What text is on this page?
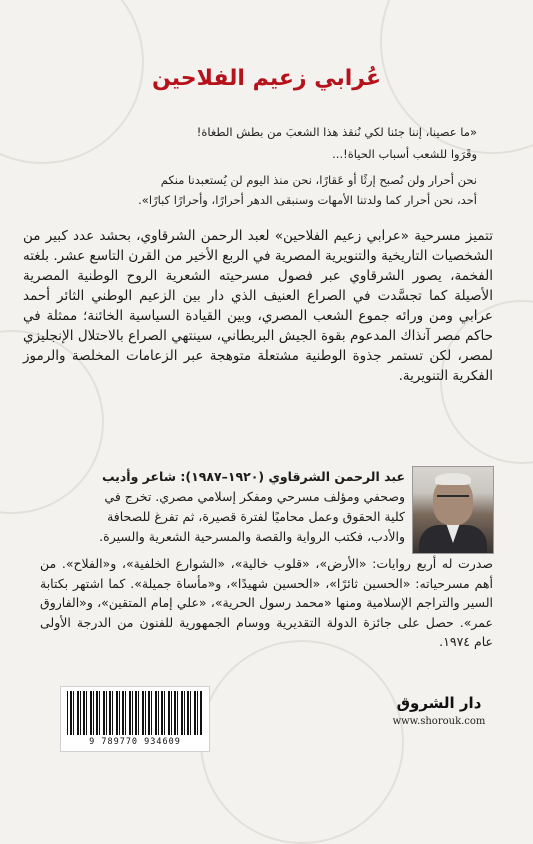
عُرابي زعيم الفلاحين
«ما عصينا، إننا جئنا لكي نُنقذ هذا الشعبَ من بطش الطغاة!
وقَرَوا للشعب أسباب الحياة!...
نحن أحرار ولن نُصبح إرثًا أو عَقارًا، نحن منذ اليوم لن يُستعبدنا منكم
أحد، نحن أحرار كما ولدتنا الأمهات وسنبقى الدهر أحرارًا، وأحرارًا كبارًا».
تتميز مسرحية «عرابي زعيم الفلاحين» لعبد الرحمن الشرقاوي، بحشد عدد كبير من الشخصيات التاريخية والتنويرية المصرية في الربع الأخير من القرن التاسع عشر. بلغته الفخمة، يصور الشرقاوي عبر فصول مسرحيته الشعرية الروح الوطنية المصرية الأصيلة كما تجسَّدت في الصراع العنيف الذي دار بين الزعيم الوطني الثائر أحمد عرابي ومن ورائه جموع الشعب المصري، وبين القيادة السياسية الخائنة؛ ممثلة في حاكم مصر آنذاك المدعوم بقوة الجيش البريطاني، سينتهي الصراع بالاحتلال الإنجليزي لمصر، لكن تستمر جذوة الوطنية مشتعلة متوهجة عبر الزعامات المخلصة والرموز الفكرية التنويرية.
عبد الرحمن الشرقاوي (١٩٢٠–١٩٨٧): شاعر وأديب
وصحفي ومؤلف مسرحي ومفكر إسلامي مصري. تخرج في
كلية الحقوق وعمل محاميًا لفترة قصيرة، ثم تفرغ للصحافة
والأدب، فكتب الرواية والقصة والمسرحية الشعرية والسيرة.
صدرت له أربع روايات: «الأرض»، «قلوب خالية»، «الشوارع الخلفية»، و«الفلاح». من أهم مسرحياته: «الحسين ثائرًا»، «الحسين شهيدًا»، و«مأساة جميلة». كما اشتهر بكتابة السير والتراجم الإسلامية ومنها «محمد رسول الحرية»، «علي إمام المتقين»، و«الفاروق عمر». حصل على جائزة الدولة التقديرية ووسام الجمهورية للفنون من الدرجة الأولى عام ١٩٧٤.
9 789770 934609
دار الشروق
www.shorouk.com
